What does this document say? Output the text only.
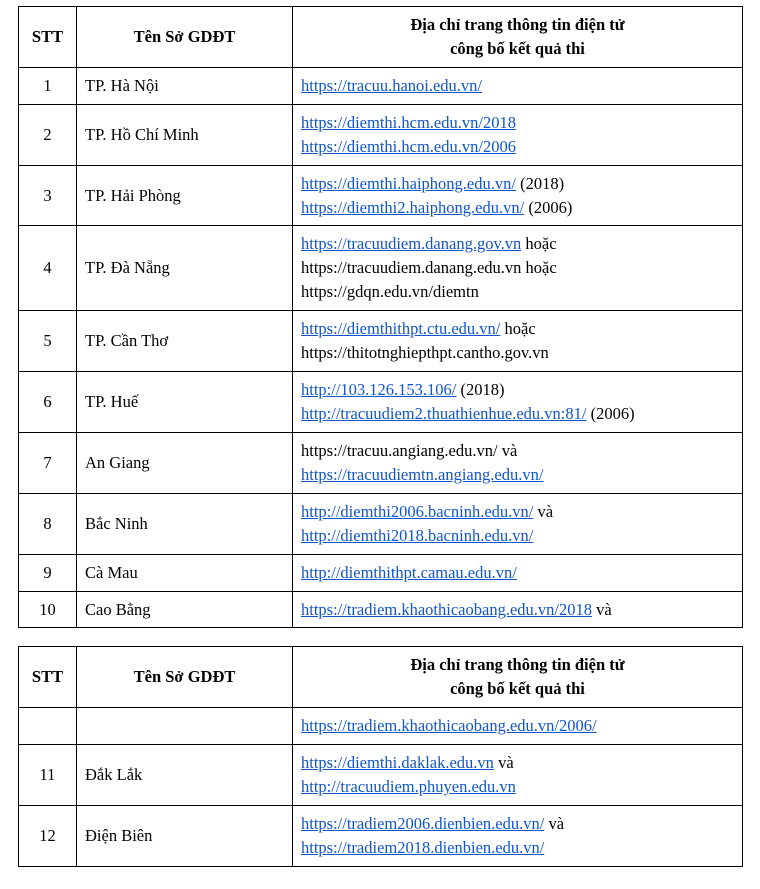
STT	Tên Sở GDĐT	Địa chỉ trang thông tin điện tử
công bố kết quả thi

1	TP. Hà Nội	https://tracuu.hanoi.edu.vn/

2	TP. Hồ Chí Minh	https://diemthi.hcm.edu.vn/2018
https://diemthi.hcm.edu.vn/2006

3	TP. Hải Phòng	https://diemthi.haiphong.edu.vn/ (2018)
https://diemthi2.haiphong.edu.vn/ (2006)

4	TP. Đà Nẵng	https://tracuudiem.danang.gov.vn hoặc
https://tracuudiem.danang.edu.vn hoặc
https://gdqn.edu.vn/diemtn

5	TP. Cần Thơ	https://diemthithpt.ctu.edu.vn/ hoặc
https://thitotnghiepthpt.cantho.gov.vn

6	TP. Huế	http://103.126.153.106/ (2018)
http://tracuudiem2.thuathienhue.edu.vn:81/ (2006)

7	An Giang	https://tracuu.angiang.edu.vn/ và
https://tracuudiemtn.angiang.edu.vn/

8	Bắc Ninh	http://diemthi2006.bacninh.edu.vn/ và
http://diemthi2018.bacninh.edu.vn/

9	Cà Mau	http://diemthithpt.camau.edu.vn/

10	Cao Bằng	https://tradiem.khaothicaobang.edu.vn/2018 và
STT	Tên Sở GDĐT	Địa chỉ trang thông tin điện tử
công bố kết quả thi

		https://tradiem.khaothicaobang.edu.vn/2006/

11	Đắk Lắk	https://diemthi.daklak.edu.vn và
http://tracuudiem.phuyen.edu.vn

12	Điện Biên	https://tradiem2006.dienbien.edu.vn/ và
https://tradiem2018.dienbien.edu.vn/
